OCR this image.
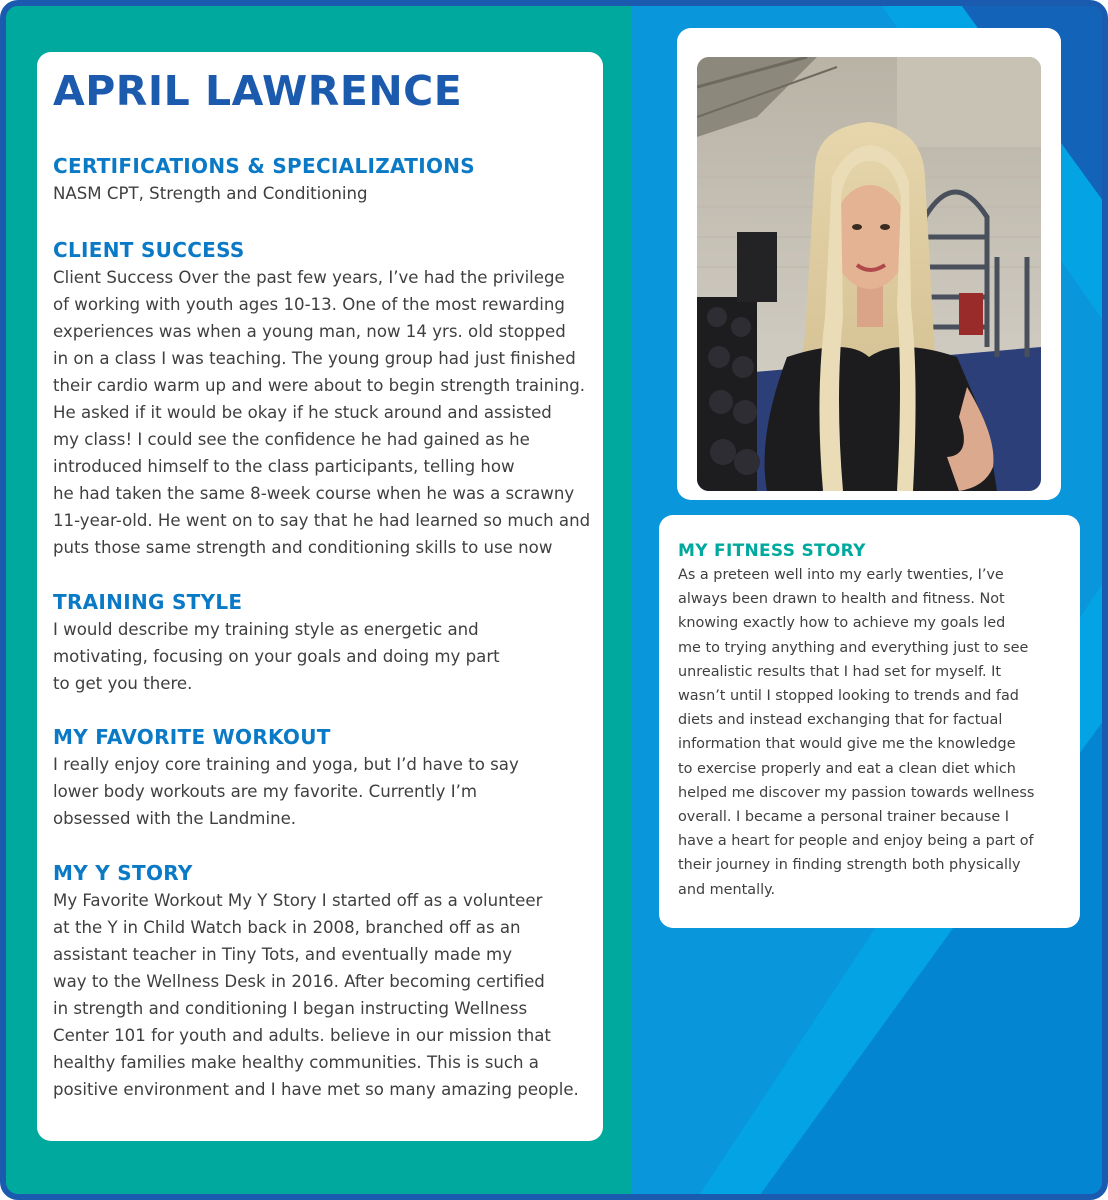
APRIL LAWRENCE
CERTIFICATIONS & SPECIALIZATIONS
NASM CPT, Strength and Conditioning
CLIENT SUCCESS
Client Success Over the past few years, I’ve had the privilege
of working with youth ages 10-13. One of the most rewarding
experiences was when a young man, now 14 yrs. old stopped
in on a class I was teaching. The young group had just finished
their cardio warm up and were about to begin strength training.
He asked if it would be okay if he stuck around and assisted
my class! I could see the confidence he had gained as he
introduced himself to the class participants, telling how
he had taken the same 8-week course when he was a scrawny
11-year-old. He went on to say that he had learned so much and
puts those same strength and conditioning skills to use now
TRAINING STYLE
I would describe my training style as energetic and
motivating, focusing on your goals and doing my part
to get you there.
MY FAVORITE WORKOUT
I really enjoy core training and yoga, but I’d have to say
lower body workouts are my favorite. Currently I’m
obsessed with the Landmine.
MY Y STORY
My Favorite Workout My Y Story I started off as a volunteer
at the Y in Child Watch back in 2008, branched off as an
assistant teacher in Tiny Tots, and eventually made my
way to the Wellness Desk in 2016. After becoming certified
in strength and conditioning I began instructing Wellness
Center 101 for youth and adults. believe in our mission that
healthy families make healthy communities. This is such a
positive environment and I have met so many amazing people.
MY FITNESS STORY
As a preteen well into my early twenties, I’ve
always been drawn to health and fitness. Not
knowing exactly how to achieve my goals led
me to trying anything and everything just to see
unrealistic results that I had set for myself. It
wasn’t until I stopped looking to trends and fad
diets and instead exchanging that for factual
information that would give me the knowledge
to exercise properly and eat a clean diet which
helped me discover my passion towards wellness
overall. I became a personal trainer because I
have a heart for people and enjoy being a part of
their journey in finding strength both physically
and mentally.
